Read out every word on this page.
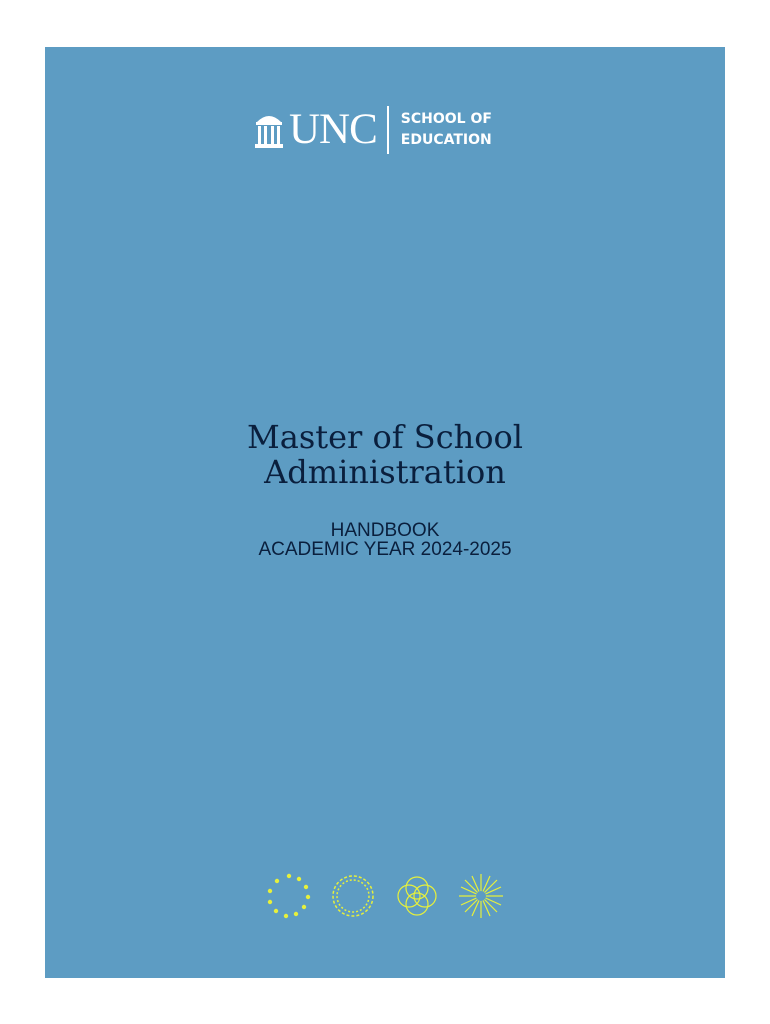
UNC SCHOOL OF
EDUCATION
Master of School
Administration
HANDBOOK
ACADEMIC YEAR 2024-2025
